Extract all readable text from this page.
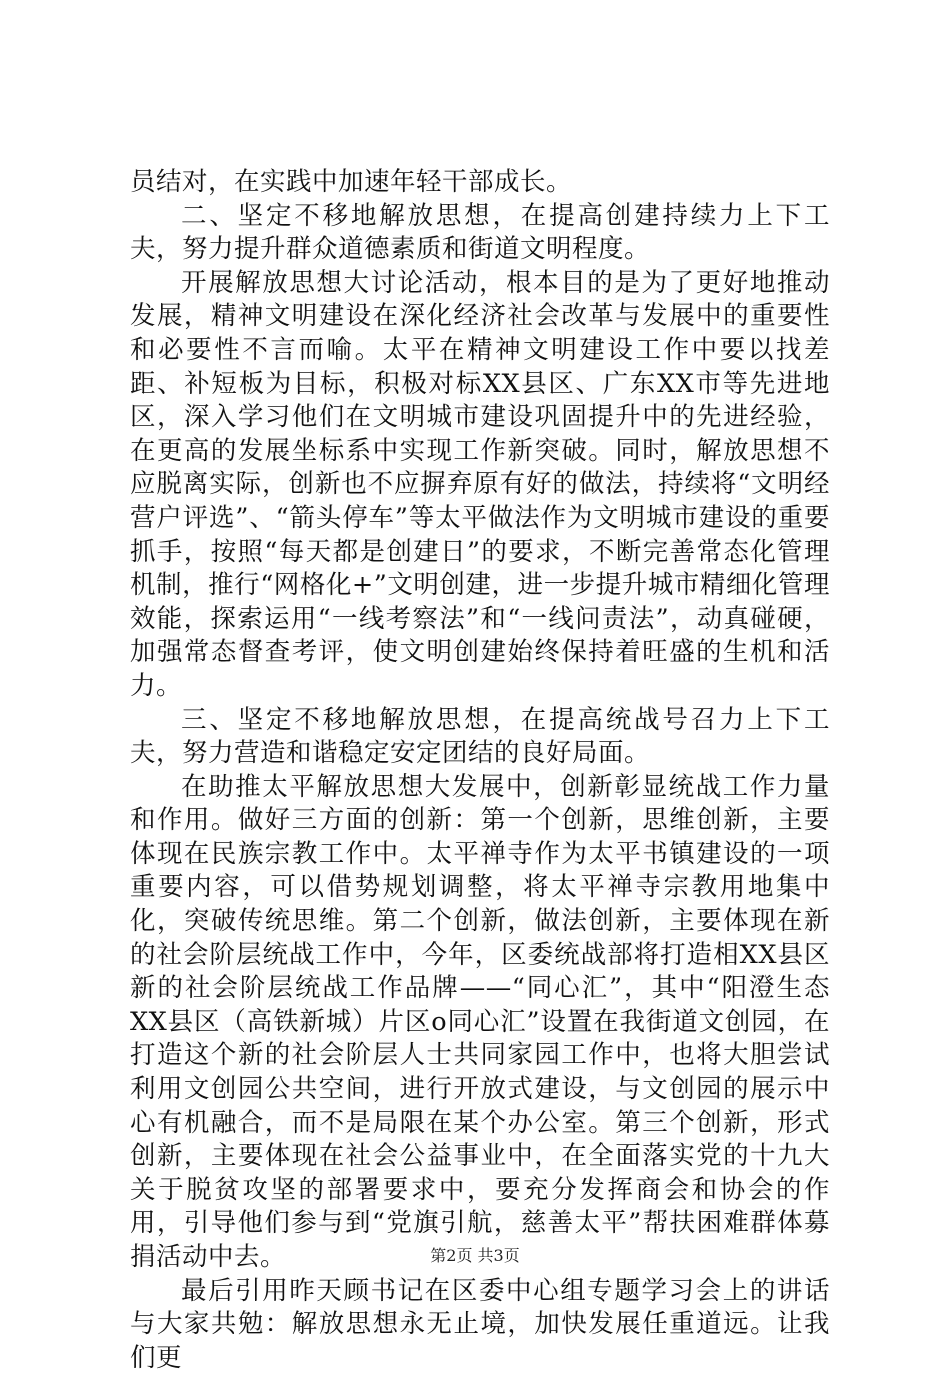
员结对，在实践中加速年轻干部成长。

二、坚定不移地解放思想，在提高创建持续力上下工夫，努力提升群众道德素质和街道文明程度。

开展解放思想大讨论活动，根本目的是为了更好地推动发展，精神文明建设在深化经济社会改革与发展中的重要性和必要性不言而喻。太平在精神文明建设工作中要以找差距、补短板为目标，积极对标XX县区、广东XX市等先进地区，深入学习他们在文明城市建设巩固提升中的先进经验，在更高的发展坐标系中实现工作新突破。同时，解放思想不应脱离实际，创新也不应摒弃原有好的做法，持续将“文明经营户评选”、“箭头停车”等太平做法作为文明城市建设的重要抓手，按照“每天都是创建日”的要求，不断完善常态化管理机制，推行“网格化+”文明创建，进一步提升城市精细化管理效能，探索运用“一线考察法”和“一线问责法”，动真碰硬，加强常态督查考评，使文明创建始终保持着旺盛的生机和活力。

三、坚定不移地解放思想，在提高统战号召力上下工夫，努力营造和谐稳定安定团结的良好局面。

在助推太平解放思想大发展中，创新彰显统战工作力量和作用。做好三方面的创新：第一个创新，思维创新，主要体现在民族宗教工作中。太平禅寺作为太平书镇建设的一项重要内容，可以借势规划调整，将太平禅寺宗教用地集中化，突破传统思维。第二个创新，做法创新，主要体现在新的社会阶层统战工作中，今年，区委统战部将打造相XX县区新的社会阶层统战工作品牌——“同心汇”，其中“阳澄生态XX县区（高铁新城）片区o同心汇”设置在我街道文创园，在打造这个新的社会阶层人士共同家园工作中，也将大胆尝试利用文创园公共空间，进行开放式建设，与文创园的展示中心有机融合，而不是局限在某个办公室。第三个创新，形式创新，主要体现在社会公益事业中，在全面落实党的十九大关于脱贫攻坚的部署要求中，要充分发挥商会和协会的作用，引导他们参与到“党旗引航，慈善太平”帮扶困难群体募捐活动中去。

最后引用昨天顾书记在区委中心组专题学习会上的讲话与大家共勉：解放思想永无止境，加快发展任重道远。让我们更

第2页 共3页
